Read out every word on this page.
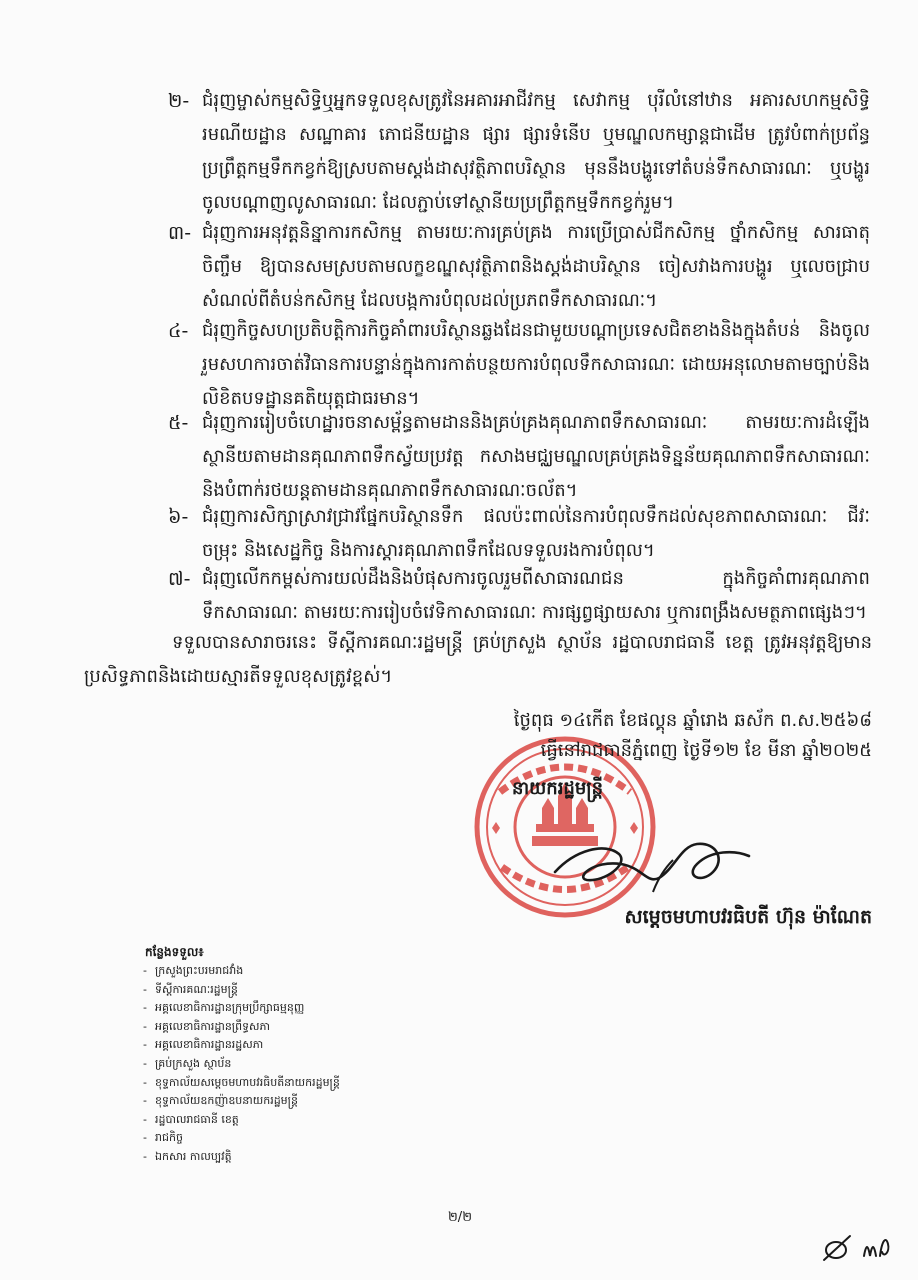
២- ជំរុញម្ចាស់កម្មសិទ្ធិឬអ្នកទទួលខុសត្រូវនៃអគារអាជីវកម្ម សេវាកម្ម បុរីលំនៅឋាន អគារសហកម្មសិទ្ធិ រមណីយដ្ឋាន សណ្ឋាគារ ភោជនីយដ្ឋាន ផ្សារ ផ្សារទំនើប ឬមណ្ឌលកម្សាន្តជាដើម ត្រូវបំពាក់ប្រព័ន្ធប្រព្រឹត្តកម្មទឹកកខ្វក់ឱ្យស្របតាមស្តង់ដាសុវត្ថិភាពបរិស្ថាន មុននឹងបង្ហូរទៅតំបន់ទឹកសាធារណៈ ឬបង្ហូរចូលបណ្តាញលូសាធារណៈ ដែលភ្ជាប់ទៅស្ថានីយប្រព្រឹត្តកម្មទឹកកខ្វក់រួម។
៣- ជំរុញការអនុវត្តនិន្នាការកសិកម្ម តាមរយៈការគ្រប់គ្រង ការប្រើប្រាស់ជីកសិកម្ម ថ្នាំកសិកម្ម សារធាតុចិញ្ចឹម ឱ្យបានសមស្របតាមលក្ខខណ្ឌសុវត្ថិភាពនិងស្តង់ដាបរិស្ថាន ចៀសវាងការបង្ហូរ ឬលេចជ្រាបសំណល់ពីតំបន់កសិកម្ម ដែលបង្កការបំពុលដល់ប្រភពទឹកសាធារណៈ។
៤- ជំរុញកិច្ចសហប្រតិបត្តិការកិច្ចគាំពារបរិស្ថានឆ្លងដែនជាមួយបណ្តាប្រទេសជិតខាងនិងក្នុងតំបន់ និងចូលរួមសហការចាត់វិធានការបន្ទាន់ក្នុងការកាត់បន្ថយការបំពុលទឹកសាធារណៈ ដោយអនុលោមតាមច្បាប់និងលិខិតបទដ្ឋានគតិយុត្តជាធរមាន។
៥- ជំរុញការរៀបចំហេដ្ឋារចនាសម្ព័ន្ធតាមដាននិងគ្រប់គ្រងគុណភាពទឹកសាធារណៈ តាមរយៈការដំឡើងស្ថានីយតាមដានគុណភាពទឹកស្វ័យប្រវត្ត កសាងមជ្ឈមណ្ឌលគ្រប់គ្រងទិន្នន័យគុណភាពទឹកសាធារណៈ និងបំពាក់រថយន្តតាមដានគុណភាពទឹកសាធារណៈចល័ត។
៦- ជំរុញការសិក្សាស្រាវជ្រាវផ្នែកបរិស្ថានទឹក ផលប៉ះពាល់នៃការបំពុលទឹកដល់សុខភាពសាធារណៈ ជីវៈចម្រុះ និងសេដ្ឋកិច្ច និងការស្តារគុណភាពទឹកដែលទទួលរងការបំពុល។
៧- ជំរុញលើកកម្ពស់ការយល់ដឹងនិងបំផុសការចូលរួមពីសាធារណជន ក្នុងកិច្ចគាំពារគុណភាពទឹកសាធារណៈ តាមរយៈការរៀបចំវេទិកាសាធារណៈ ការផ្សព្វផ្សាយសារ ឬការពង្រឹងសមត្ថភាពផ្សេងៗ។
ទទួលបានសារាចរនេះ ទីស្តីការគណៈរដ្ឋមន្ត្រី គ្រប់ក្រសួង ស្ថាប័ន រដ្ឋបាលរាជធានី ខេត្ត ត្រូវអនុវត្តឱ្យមានប្រសិទ្ធភាពនិងដោយស្មារតីទទួលខុសត្រូវខ្ពស់។
ថ្ងៃពុធ ១៤កើត ខែផល្គុន ឆ្នាំរោង ឆស័ក ព.ស.២៥៦៨
ធ្វើនៅរាជធានីភ្នំពេញ ថ្ងៃទី១២ ខែ មីនា ឆ្នាំ២០២៥
នាយករដ្ឋមន្ត្រី
សម្តេចមហាបវរធិបតី ហ៊ុន ម៉ាណែត
កន្លែងទទួល៖
- ក្រសួងព្រះបរមរាជវាំង
- ទីស្តីការគណៈរដ្ឋមន្ត្រី
- អគ្គលេខាធិការដ្ឋានក្រុមប្រឹក្សាធម្មនុញ្ញ
- អគ្គលេខាធិការដ្ឋានព្រឹទ្ធសភា
- អគ្គលេខាធិការដ្ឋានរដ្ឋសភា
- គ្រប់ក្រសួង ស្ថាប័ន
- ខុទ្ទកាល័យសម្តេចមហាបវរធិបតីនាយករដ្ឋមន្ត្រី
- ខុទ្ទកាល័យឧកញ៉ាឧបនាយករដ្ឋមន្ត្រី
- រដ្ឋបាលរាជធានី ខេត្ត
- រាជកិច្ច
- ឯកសារ កាលប្បវត្តិ
២/២
